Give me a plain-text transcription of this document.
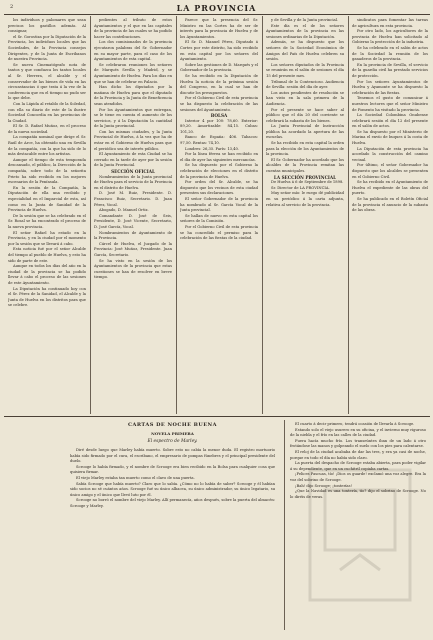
2	LA PROVINCIA

los individuos y palomares que sean precisos los gastillos además. Al consignar,

el Sr. Gorostiza por la Diputación de la Provincia, los individuos locales que las Sociedades, de la Provincia consejos Dirigentes, y de la Junta de Escribanos de nuestra Provincia.

Se nueva Cinematógrafo nota de tantos y que conduzca los tantos locales al Sr. Herrera, el alcalde y el conservador de las bienes de vida en las circunstancias ó que trata á la vez de la conferencia que en el tiempo no pudo ser lo que debe.

Con la Lápida al retablo de la Soledad, con ella su diario de este de la ilustre Sociedad Concordia en las provincias de la Ciudad.

El Sr. D. Rafael Muñoz, en el proceso de la nueva sociedad.

La compañía nominal que dirige el Sr. Raúl de Arce, ha obtenido una en Sevilla de la compañía, con la que ha sido de lo más destacable entre los artistas.

Aunque el tiempo de esta temporada descansado, el público, la Dirección de la compañía, sobre todo de la señorita Prieto ha sido recibido en los mejores escenarios de la Península.

En la sesión de la Compañía, la Diputación de ella una recibido y especialidad en el Imparcial de esta, así como en la Junta de Sanidad de la Provincia de Huelva.

De la sesión que se ha celebrado en el Sr. Rosal se ha encontrado el proceso de la nueva provincia.

El señor Rafael ha estado en la Provincia, y en la ciudad por el momento por la sesión que se llevará á cabo.

Esta noticia fué por el señor Alcalde del tiempo al pueblo de Huelva, y esto ha sido de parte de este.

Aunque en todos los días del año en la ciudad de la provincia se ha podido llevar á cabo el proceso de las sesiones de este Ayuntamiento.

La Diputación ha continuado hoy con el Sr. Pérez de la Sanidad, el Alcalde y la Junta de Huelva en los distritos para que se celebre.

pedientes al tributo de estos Ayuntamientos y el que en las capitales de la provincia de las cuales se ha podido hacer las contribuciones.

Los dos comisionados de la provincia ejecutaron palabras del Sr. Gobernador en su mayor parte, para el caso de los Ayuntamientos de esta capital.

Se celebraron reuniones los señores de Marqués Sevilla y Madrid, y se Ayuntamiento de Huelva. Para los días en que se han de celebrar en Palacio.

Han dicho los diputados por la mañana de Huelva para que el diputado de la Provincia y la Junta de Beneficencia sean atendidos.

Por los Ayuntamientos que entregan, se le tiene en cuenta el aumento de los servicios, y á la Diputación la cantidad de la Junta provincial.

Con las mismas ciudades, y la Junta Provincial de Huelva, á la vez que ha de estar en el Gobierno de Huelva para que el periódico sea de interés público.

El Ayuntamiento de esta Ciudad se ha cerrado en la tarde de ayer por la sesión de la Junta Provincial.

SECCIÓN OFICIAL

Nombramientos de la Junta provincial de Huelva para el servicio de la Provincia en el distrito de Huelva.

D. José M. Ruiz, Presidente. D. Francisco Ruiz, Secretario. D. Juan Pérez, Vocal.

Abogado, D. Manuel Ortiz.

Comandante D. José de Seis, Presidente, D. José Vicente, Secretario, D. José García, Vocal.

Nombramientos de Ayuntamiento de la Provincia.

Cárcel de Huelva, el Juzgado de la Provincia: José Muñoz, Presidente. Juan García, Secretario.

Se ha visto en la sesión de los Ayuntamientos de la provincia que estas cuestiones se han de resolver en breve tiempo.

Parece que la presencia del Sr. Ministro en las Cortes ha de ser de interés para la provincia de Huelva y de los Ayuntamientos.

El Sr. D. Manuel Pérez, Diputado á Cortes por este distrito, ha sido recibido en esta capital por los señores del Ayuntamiento.

Sobre las gestiones de D. Marqués y el Gobernador de la provincia.

Se ha recibido en la Diputación de Huelva la noticia de la próxima sesión del Congreso, en la cual se han de discutir los presupuestos.

Por el Gobierno Civil de esta provincia se ha dispuesto la celebración de las sesiones del Ayuntamiento.

BOLSA

Interior 4 por 100: 78,60. Exterior: 89,20. Amortizable: 84,15. Cubas: 101,20.

Banco de España: 406. Tabacos: 97,50. Rentas: 74,10.

Londres: 26,35. París: 13,40.

Por la línea férrea se han recibido en el día de ayer las siguientes mercancías.

Se ha dispuesto por el Gobierno la celebración de elecciones en el distrito de la provincia de Huelva.

Por orden del Sr. Alcalde, se ha dispuesto que los vecinos de esta ciudad presenten sus declaraciones.

El señor Gobernador de la provincia ha nombrado al Sr. García Vocal de la Junta provincial.

Se hallan de nuevo en esta capital los señores de la Comisión.

Por el Gobierno Civil de esta provincia se ha concedido el permiso para la celebración de las fiestas de la ciudad.

y de Sevilla y de la Junta provincial.

Este día es el de los señores Ayuntamientos de la provincia en las sesiones ordinarias de la Diputación.

Además, se ha dispuesto que los señores de la Sociedad Económica de Amigos del País de Huelva celebren su sesión.

Los señores diputados de la Provincia se reunirán en el salón de sesiones el día 15 del presente mes.

Tribunal de lo Contencioso. Audiencia de Sevilla: sesión del día de ayer.

Los autos pendientes de resolución se han visto en la sala primera de la Audiencia.

Por el presente se hace saber al público que el día 20 del corriente se celebrará la subasta de los bienes.

La Junta Provincial de Instrucción pública ha acordado la apertura de las escuelas.

Se ha recibido en esta capital la orden para la elección de los Ayuntamientos de la provincia.

El Sr. Gobernador ha acordado que los alcaldes de la Provincia remitan las cuentas municipales.

LA SECCIÓN PROVINCIAL

De Huelva á 6 de Septiembre de 1898.

Sr. Director de LA PROVINCIA.

Muy señor mío: le ruego dé publicidad en su periódico á la carta adjunta, relativa al servicio de la provincia.

sindicatos para fomentar las tareas de agricultura en esta provincia.

Por otro lado, los agricultores de la provincia de Huelva han solicitado al Gobierno la protección de la industria.

Se ha celebrado en el salón de actos de la Sociedad la reunión de los ganaderos de la provincia.

En la provincia de Sevilla, el servicio de la guardia civil ha prestado servicios de protección.

Por los señores Ayuntamientos de Huelva y Ayamonte se ha dispuesto la celebración de las fiestas.

Tenemos el gusto de comunicar á nuestros lectores que el señor Ministro de Fomento ha visitado la provincia.

La Sociedad Colombina Onubense celebrará sesión el día 12 del presente en el salón de actos.

Se ha dispuesto por el Ministerio de Marina el envío de buques á la costa de Huelva.

La Diputación de esta provincia ha acordado la construcción del camino vecinal.

Por último, el señor Gobernador ha dispuesto que los alcaldes se presenten en el Gobierno Civil.

Se ha recibido en el Ayuntamiento de Huelva el expediente de las obras del puerto.

Se ha publicado en el Boletín Oficial de la provincia el anuncio de la subasta de las obras.

CARTAS DE NOCHE BUENA
NOVELA PRIMERA
El espectro de Marley.

Diré desde luego que Marley había muerto. Sobre esto no cabía la menor duda. El registro mortuorio había sido firmado por el cura, el escribano, el empresario de pompas fúnebres y el principal presidente del duelo.

Scrooge lo había firmado, y el nombre de Scrooge era bien recibido en la Bolsa para cualquier cosa que quisiera firmar.

El viejo Marley estaba tan muerto como el clavo de una puerta.

Sabía Scrooge que había muerto? Claro que lo sabía. ¿Cómo no lo había de saber? Scrooge y él habían sido socios no sé cuántos años. Scrooge fué su único albacea, su único administrador, su único legatario, su único amigo y el único que llevó luto por él.

Scrooge no borró el nombre del viejo Marley. Allí permanecía, años después, sobre la puerta del almacén: Scrooge y Marley.

El cuarto á decir primero, tendrá ocasión de llevarla á Scrooge.

Estando solo el viejo usurero en su oficina, y el invierno muy riguroso de la niebla y el frío en las calles de la ciudad.

Fuera hacía mucho frío. Los transeúntes iban de un lado á otro frotándose las manos y golpeando el suelo con los pies para calentarse.

El reloj de la ciudad acababa de dar las tres, y era ya casi de noche, porque en todo el día no había sido claro.

La puerta del despacho de Scrooge estaba abierta, para poder vigilar á su dependiente, que en un cuchitril copiaba cartas.

¡Felices Pascuas, tío! ¡Dios os guarde! exclamó una voz alegre. Era la voz del sobrino de Scrooge.

¡Bah! dijo Scrooge; ¡tonterías!

¿Que la Navidad es una tontería, tío? dijo el sobrino de Scrooge. No lo diréis de veras.
